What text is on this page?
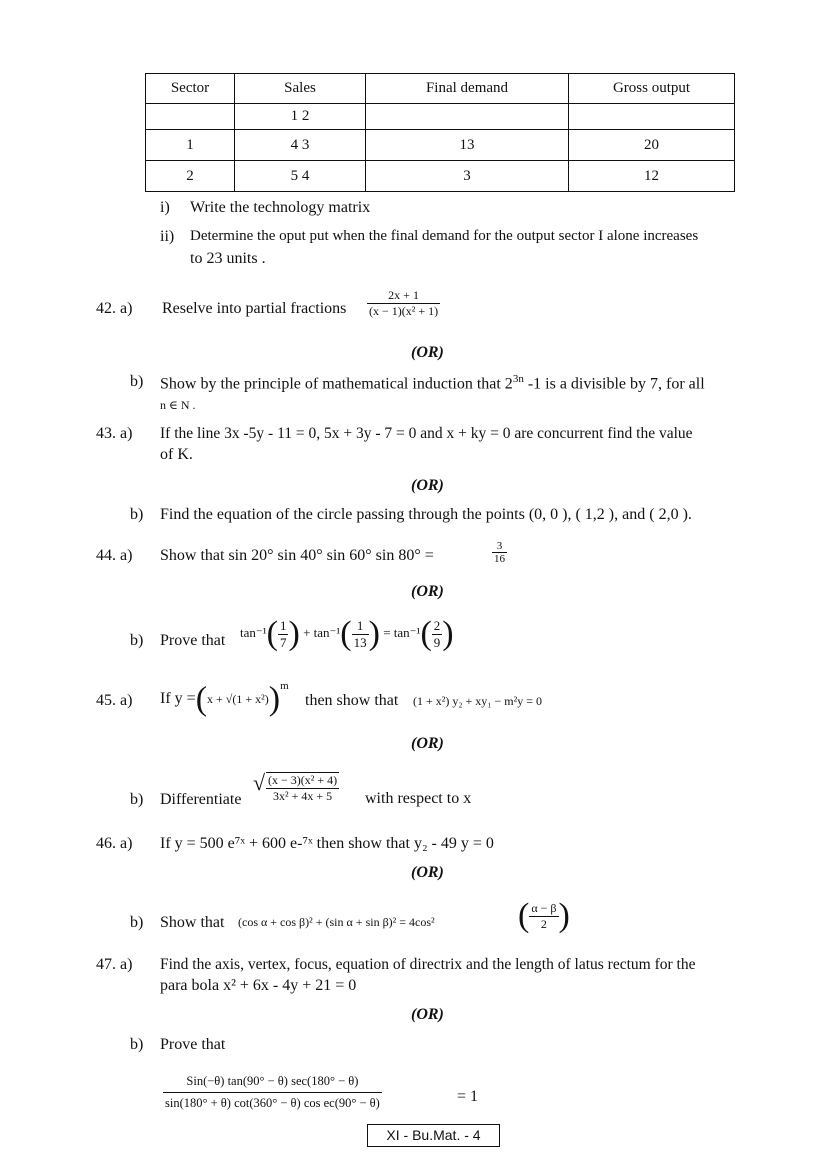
Sector	Sales	Final demand	Gross output
	1 2		
1	4 3	13	20
2	5 4	3	12
i) Write the technology matrix
ii) Determine the oput put when the final demand for the output sector I alone increases
to 23 units .
42. a) Reselve into partial fractions $\frac{2x + 1}{\text{(x − 1)(x² + 1)}}$
(OR)
b) Show by the principle of mathematical induction that $2^{3n}$ -1 is a divisible by 7, for all
n ∈ N .
43. a) If the line 3x -5y - 11 = 0, 5x + 3y - 7 = 0 and x + ky = 0 are concurrent find the value
of K.
(OR)
b) Find the equation of the circle passing through the points (0, 0 ), ( 1,2 ), and ( 2,0 ).
44. a) Show that sin 20° sin 40° sin 60° sin 80° =	$\frac{3}{16}$
(OR)
b) Prove that $\tan^{-1}( \frac{1}{7}$ ) + $\tan^{-1}( \frac{1}{13}$ ) = $\tan^{-1}( \frac{2}{9}$ )
45. a) If $y =(x + √(1 + x^2))^m$
then show that (1 + x²) y₂ + xy₁ − m²y = 0
(OR)
b) Differentiate
√ $\frac{\text{(x − 3)(x² + 4)}}{\text{3x² + 4x + 5}}$ with respect to x
46. a) If y = 500 e⁷ˣ + 600 e-⁷ˣ then show that y₂ - 49 y = 0
(OR)
b) Show that (cos α + cos β)² + (sin α + sin β)² = 4cos² ( $\frac{\alpha - \beta}{2}$ )
47. a) Find the axis, vertex, focus, equation of directrix and the length of latus rectum for the
para bola x² + 6x - 4y + 21 = 0
(OR)
b) Prove that
Sin(−θ) tan(90° − θ) sec(180° − θ)
sin(180° + θ) cot(360° − θ) cos ec(90° − θ)	= 1
XI - Bu.Mat. - 4
